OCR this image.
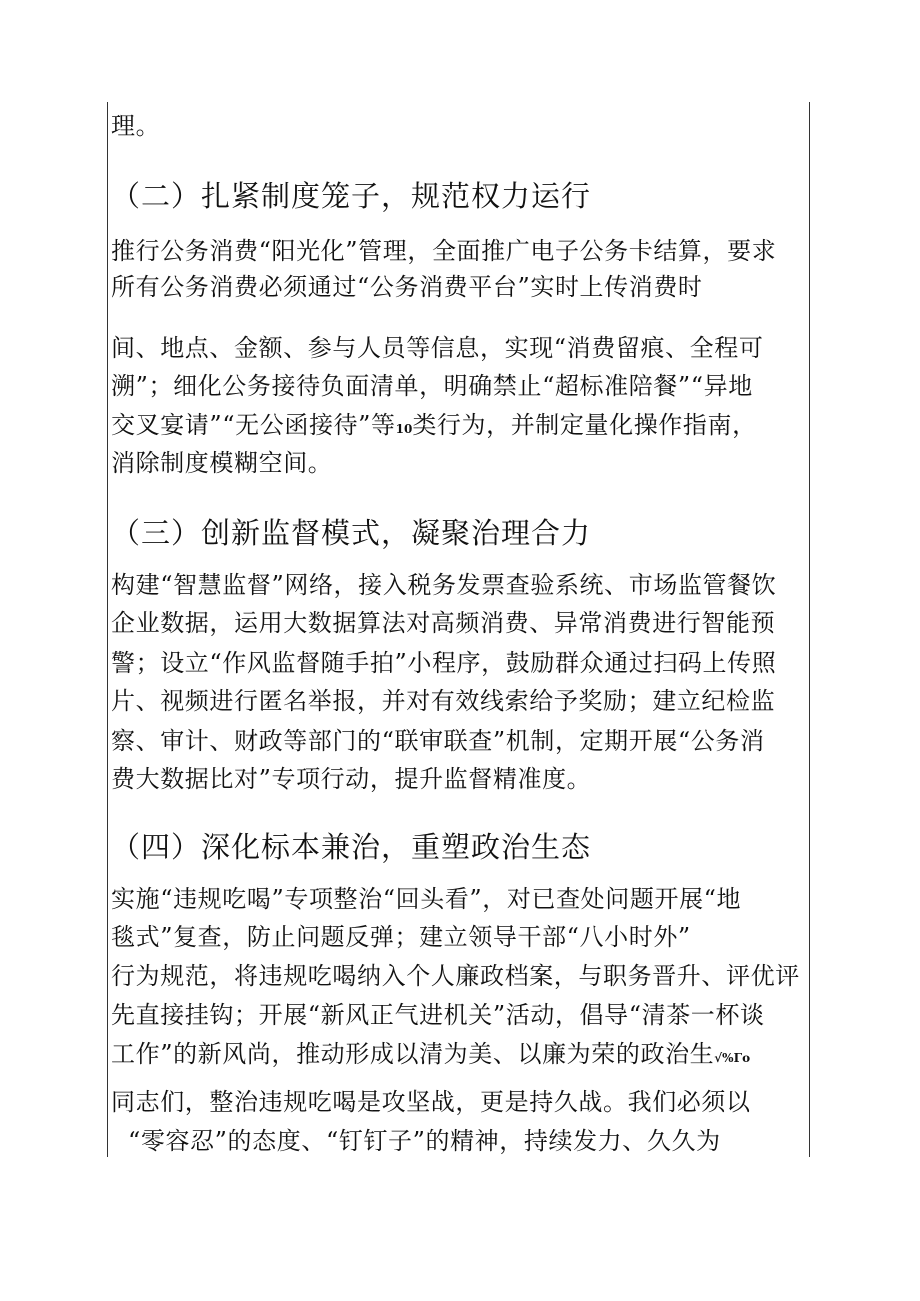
理。
（二）扎紧制度笼子，规范权力运行
推行公务消费“阳光化”管理，全面推广电子公务卡结算，要求
所有公务消费必须通过“公务消费平台”实时上传消费时
间、地点、金额、参与人员等信息，实现“消费留痕、全程可
溯”；细化公务接待负面清单，明确禁止“超标准陪餐”“异地
交叉宴请”“无公函接待”等10类行为，并制定量化操作指南，
消除制度模糊空间。
（三）创新监督模式，凝聚治理合力
构建“智慧监督”网络，接入税务发票查验系统、市场监管餐饮
企业数据，运用大数据算法对高频消费、异常消费进行智能预
警；设立“作风监督随手拍”小程序，鼓励群众通过扫码上传照
片、视频进行匿名举报，并对有效线索给予奖励；建立纪检监
察、审计、财政等部门的“联审联查”机制，定期开展“公务消
费大数据比对”专项行动，提升监督精准度。
（四）深化标本兼治，重塑政治生态
实施“违规吃喝”专项整治“回头看”，对已查处问题开展“地
毯式”复查，防止问题反弹；建立领导干部“八小时外”
行为规范，将违规吃喝纳入个人廉政档案，与职务晋升、评优评
先直接挂钩；开展“新风正气进机关”活动，倡导“清茶一杯谈
工作”的新风尚，推动形成以清为美、以廉为荣的政治生√%Γo
同志们，整治违规吃喝是攻坚战，更是持久战。我们必须以
“零容忍”的态度、“钉钉子”的精神，持续发力、久久为
